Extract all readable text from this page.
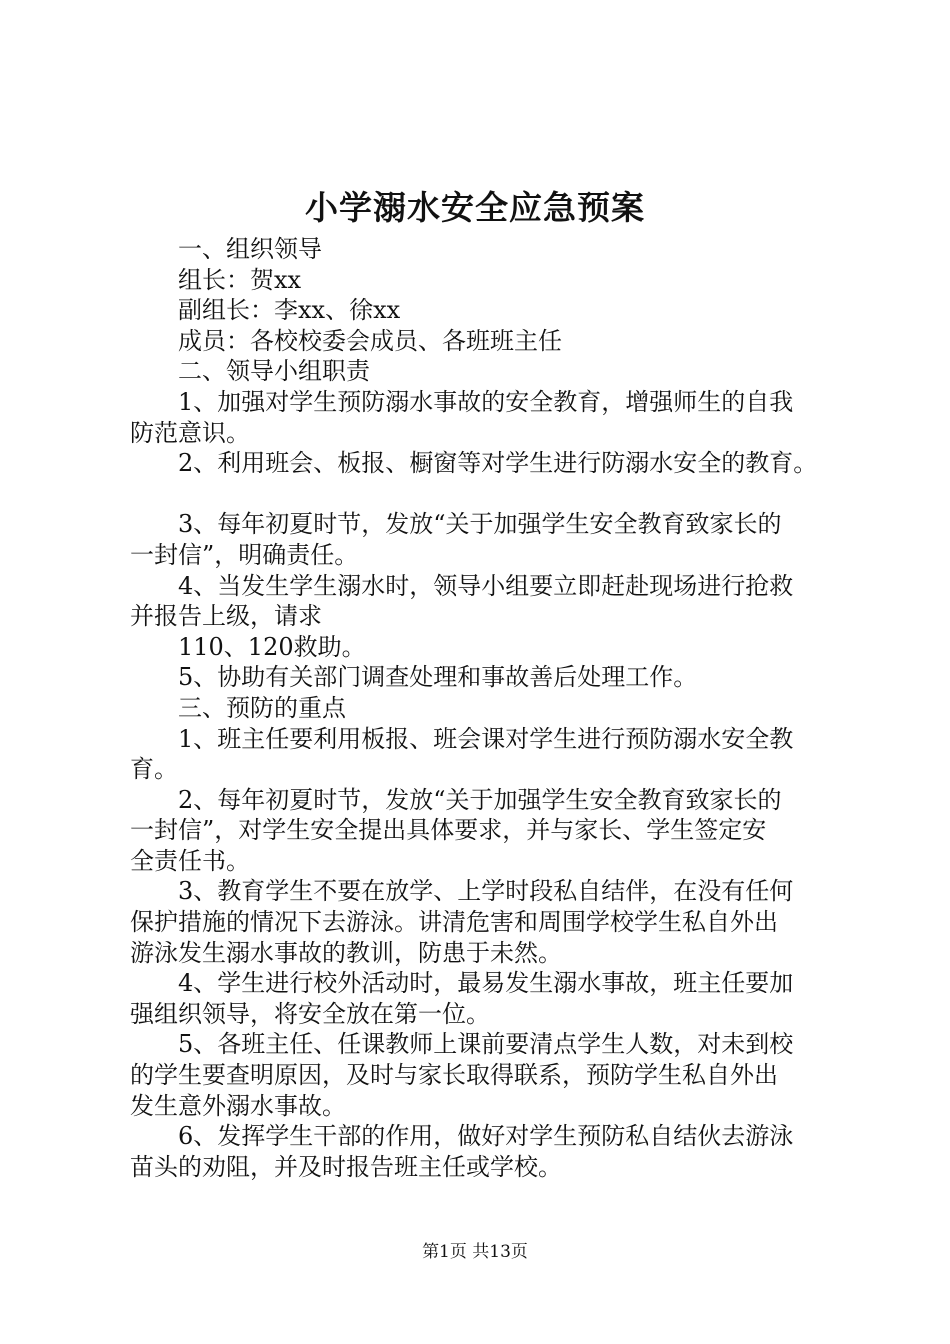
小学溺水安全应急预案
一、组织领导
组长：贺xx
副组长：李xx、徐xx
成员：各校校委会成员、各班班主任
二、领导小组职责
1、加强对学生预防溺水事故的安全教育，增强师生的自我
防范意识。
2、利用班会、板报、橱窗等对学生进行防溺水安全的教育。
3、每年初夏时节，发放“关于加强学生安全教育致家长的
一封信”，明确责任。
4、当发生学生溺水时，领导小组要立即赶赴现场进行抢救
并报告上级，请求
110、120救助。
5、协助有关部门调查处理和事故善后处理工作。
三、预防的重点
1、班主任要利用板报、班会课对学生进行预防溺水安全教
育。
2、每年初夏时节，发放“关于加强学生安全教育致家长的
一封信”，对学生安全提出具体要求，并与家长、学生签定安
全责任书。
3、教育学生不要在放学、上学时段私自结伴，在没有任何
保护措施的情况下去游泳。讲清危害和周围学校学生私自外出
游泳发生溺水事故的教训，防患于未然。
4、学生进行校外活动时，最易发生溺水事故，班主任要加
强组织领导，将安全放在第一位。
5、各班主任、任课教师上课前要清点学生人数，对未到校
的学生要查明原因，及时与家长取得联系，预防学生私自外出
发生意外溺水事故。
6、发挥学生干部的作用，做好对学生预防私自结伙去游泳
苗头的劝阻，并及时报告班主任或学校。
第1页 共13页
